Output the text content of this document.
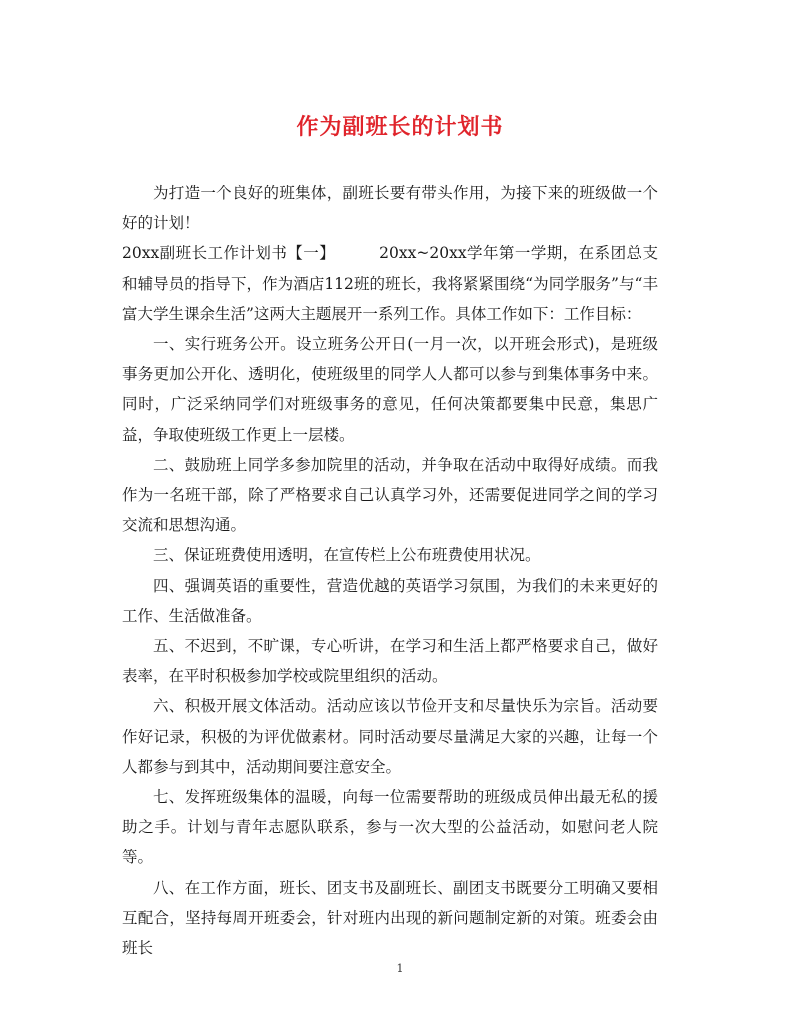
作为副班长的计划书

为打造一个良好的班集体，副班长要有带头作用，为接下来的班级做一个好的计划！

20xx副班长工作计划书【一】	20xx~20xx学年第一学期，在系团总支和辅导员的指导下，作为酒店112班的班长，我将紧紧围绕“为同学服务”与“丰富大学生课余生活”这两大主题展开一系列工作。具体工作如下：工作目标：

一、实行班务公开。设立班务公开日(一月一次，以开班会形式)，是班级事务更加公开化、透明化，使班级里的同学人人都可以参与到集体事务中来。同时，广泛采纳同学们对班级事务的意见，任何决策都要集中民意，集思广益，争取使班级工作更上一层楼。

二、鼓励班上同学多参加院里的活动，并争取在活动中取得好成绩。而我作为一名班干部，除了严格要求自己认真学习外，还需要促进同学之间的学习交流和思想沟通。

三、保证班费使用透明，在宣传栏上公布班费使用状况。

四、强调英语的重要性，营造优越的英语学习氛围，为我们的未来更好的工作、生活做准备。

五、不迟到，不旷课，专心听讲，在学习和生活上都严格要求自己，做好表率，在平时积极参加学校或院里组织的活动。

六、积极开展文体活动。活动应该以节俭开支和尽量快乐为宗旨。活动要作好记录，积极的为评优做素材。同时活动要尽量满足大家的兴趣，让每一个人都参与到其中，活动期间要注意安全。

七、发挥班级集体的温暖，向每一位需要帮助的班级成员伸出最无私的援助之手。计划与青年志愿队联系，参与一次大型的公益活动，如慰问老人院等。

八、在工作方面，班长、团支书及副班长、副团支书既要分工明确又要相互配合，坚持每周开班委会，针对班内出现的新问题制定新的对策。班委会由班长

1
